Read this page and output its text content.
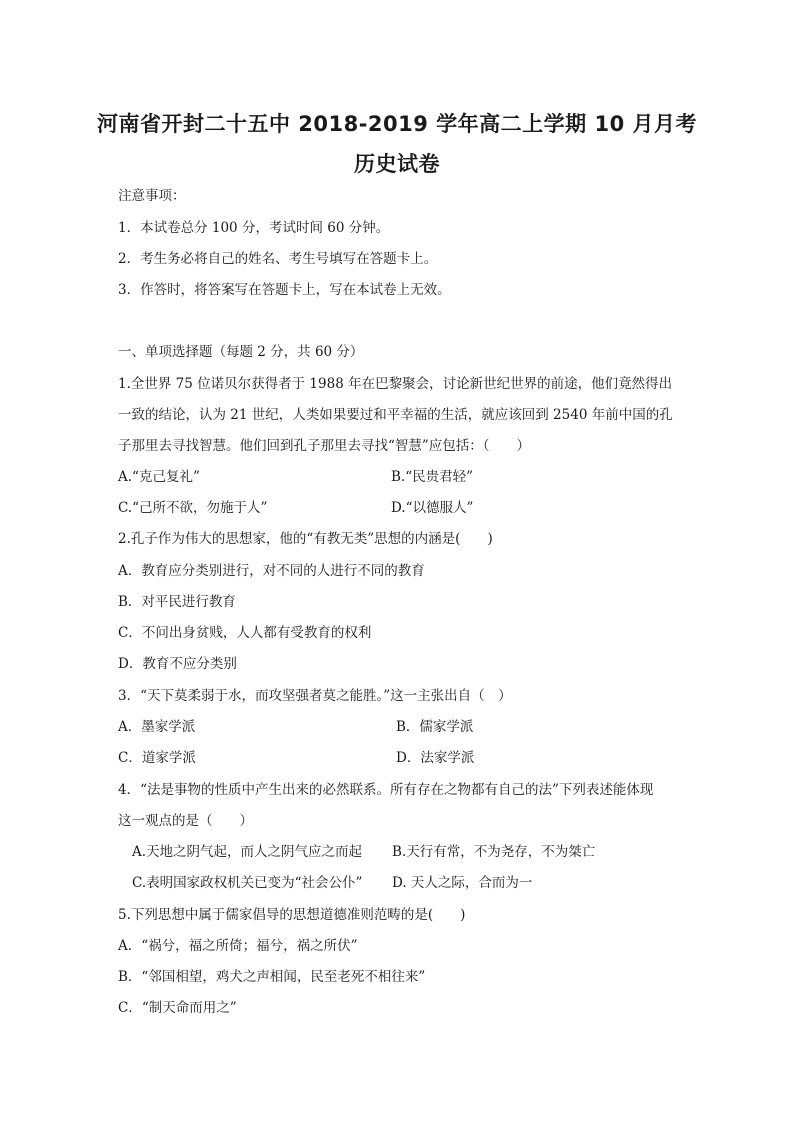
河南省开封二十五中 2018-2019 学年高二上学期 10 月月考
历史试卷
注意事项：
1．本试卷总分 100 分，考试时间 60 分钟。
2．考生务必将自己的姓名、考生号填写在答题卡上。
3．作答时，将答案写在答题卡上，写在本试卷上无效。
一、单项选择题（每题 2 分，共 60 分）
1.全世界 75 位诺贝尔获得者于 1988 年在巴黎聚会，讨论新世纪世界的前途，他们竟然得出
一致的结论，认为 21 世纪，人类如果要过和平幸福的生活，就应该回到 2540 年前中国的孔
子那里去寻找智慧。他们回到孔子那里去寻找“智慧”应包括：（　　）
A.“克己复礼”	B.“民贵君轻”
C.“己所不欲，勿施于人”	D.“以德服人”
2.孔子作为伟大的思想家，他的“有教无类”思想的内涵是(　　)
A．教育应分类别进行，对不同的人进行不同的教育
B．对平民进行教育
C．不问出身贫贱，人人都有受教育的权利
D．教育不应分类别
3．“天下莫柔弱于水，而攻坚强者莫之能胜。”这一主张出自（　）
A．墨家学派	B．儒家学派
C．道家学派	D．法家学派
4．“法是事物的性质中产生出来的必然联系。所有存在之物都有自己的法”下列表述能体现
这一观点的是（　　）
A.天地之阴气起，而人之阴气应之而起 B.天行有常，不为尧存，不为桀亡
C.表明国家政权机关已变为“社会公仆” D. 天人之际，合而为一
5.下列思想中属于儒家倡导的思想道德准则范畴的是(　　)
A．“祸兮，福之所倚；福兮，祸之所伏”
B．“邻国相望，鸡犬之声相闻，民至老死不相往来”
C．“制天命而用之”
